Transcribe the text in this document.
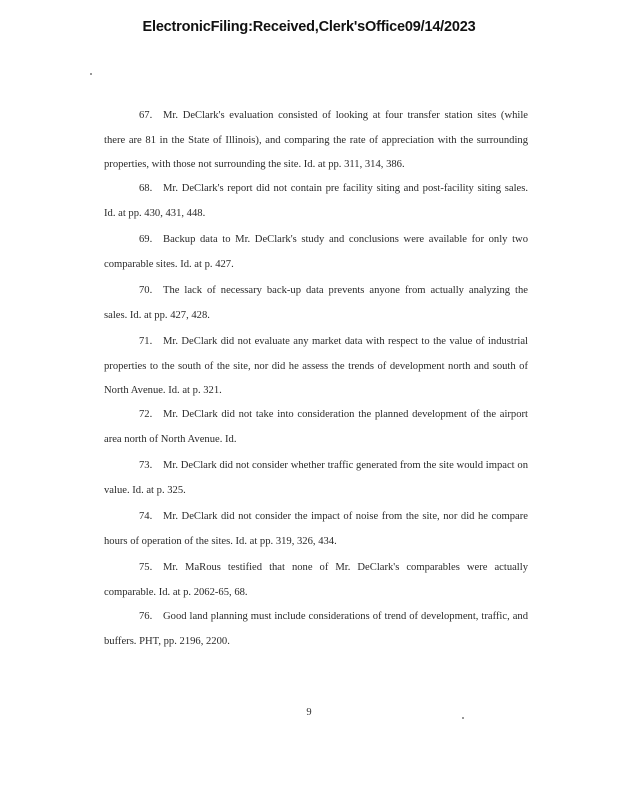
ElectronicFiling:Received,Clerk'sOffice09/14/2023

67. Mr. DeClark's evaluation consisted of looking at four transfer station sites (while there are 81 in the State of Illinois), and comparing the rate of appreciation with the surrounding properties, with those not surrounding the site. Id. at pp. 311, 314, 386.

68. Mr. DeClark's report did not contain pre facility siting and post-facility siting sales. Id. at pp. 430, 431, 448.

69. Backup data to Mr. DeClark's study and conclusions were available for only two comparable sites. Id. at p. 427.

70. The lack of necessary back-up data prevents anyone from actually analyzing the sales. Id. at pp. 427, 428.

71. Mr. DeClark did not evaluate any market data with respect to the value of industrial properties to the south of the site, nor did he assess the trends of development north and south of North Avenue. Id. at p. 321.

72. Mr. DeClark did not take into consideration the planned development of the airport area north of North Avenue. Id.

73. Mr. DeClark did not consider whether traffic generated from the site would impact on value. Id. at p. 325.

74. Mr. DeClark did not consider the impact of noise from the site, nor did he compare hours of operation of the sites. Id. at pp. 319, 326, 434.

75. Mr. MaRous testified that none of Mr. DeClark's comparables were actually comparable. Id. at p. 2062-65, 68.

76. Good land planning must include considerations of trend of development, traffic, and buffers. PHT, pp. 2196, 2200.

9
